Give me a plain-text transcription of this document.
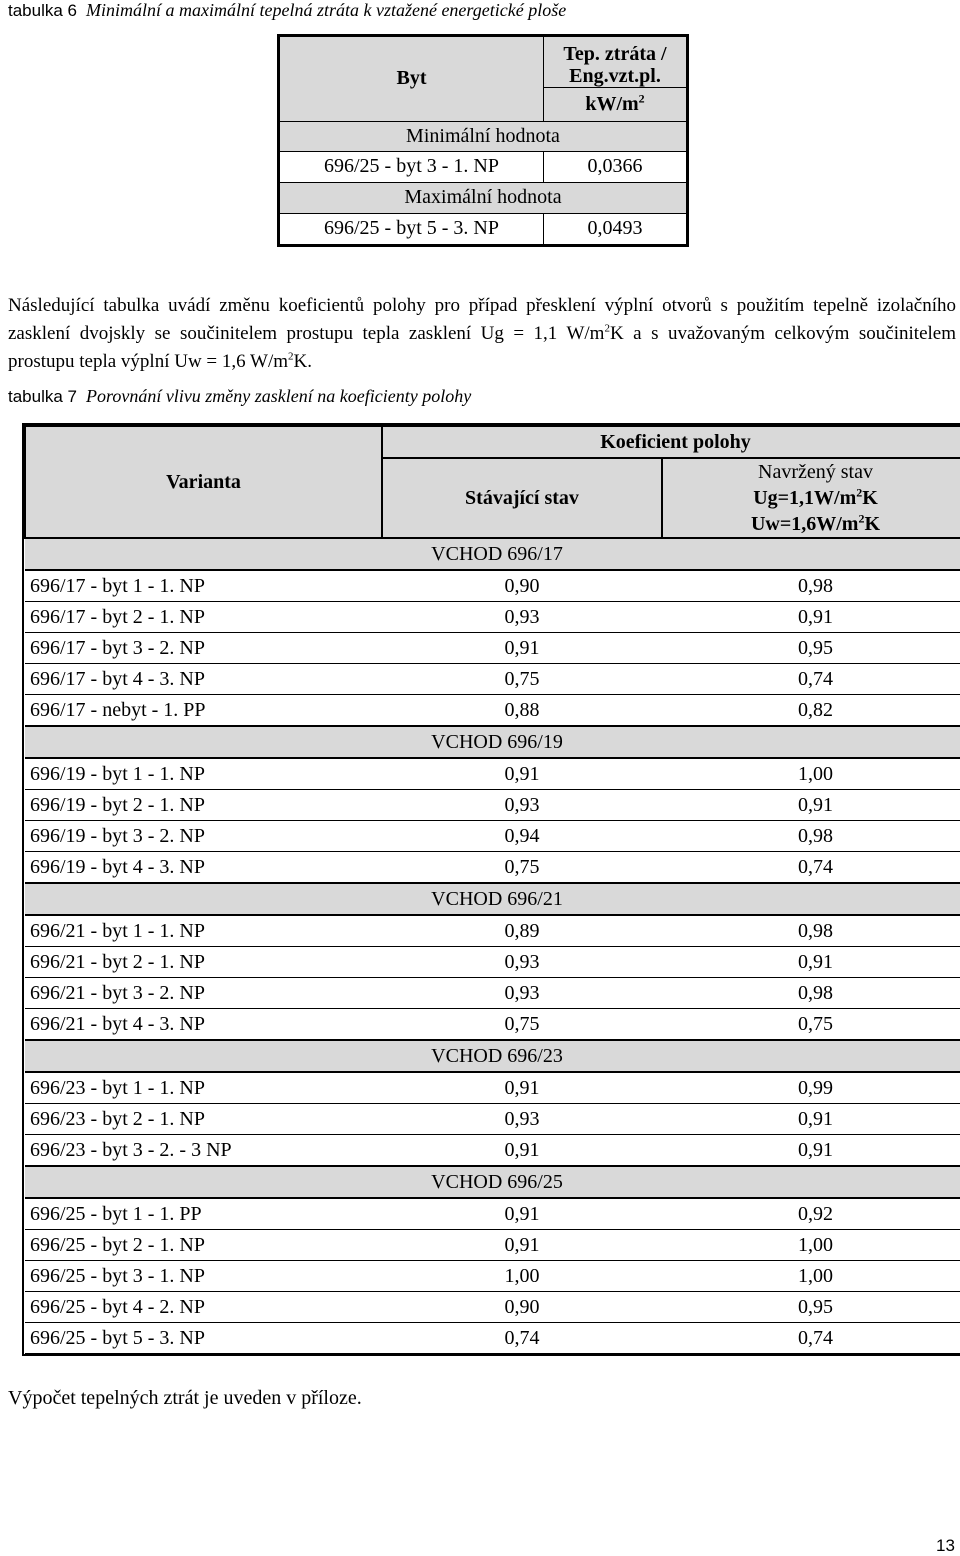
tabulka 6 Minimální a maximální tepelná ztráta k vztažené energetické ploše
Byt	Tep. ztráta /
Eng.vzt.pl.

	$kW/m^2$
Minimální hodnota	
696/25 - byt 3 - 1. NP	0,0366
Maximální hodnota	
696/25 - byt 5 - 3. NP	0,0493
Následující tabulka uvádí změnu koeficientů polohy pro případ přesklení výplní otvorů s použitím tepelně izolačního zasklení dvojskly se součinitelem prostupu tepla zasklení Ug = 1,1 $W/m^2K$ a s uvažovaným celkovým součinitelem prostupu tepla výplní Uw = 1,6 $W/m^2K$.
tabulka 7 Porovnání vlivu změny zasklení na koeficienty polohy
Varianta	Koeficient polohy	
	Stávající stav	Navržený stav
$Ug=1,1W/m^2K$
$Uw=1,6W/m^2K$
VCHOD 696/17		
696/17 - byt 1 - 1. NP	0,90	0,98
696/17 - byt 2 - 1. NP	0,93	0,91
696/17 - byt 3 - 2. NP	0,91	0,95
696/17 - byt 4 - 3. NP	0,75	0,74
696/17 - nebyt - 1. PP	0,88	0,82
VCHOD 696/19		
696/19 - byt 1 - 1. NP	0,91	1,00
696/19 - byt 2 - 1. NP	0,93	0,91
696/19 - byt 3 - 2. NP	0,94	0,98
696/19 - byt 4 - 3. NP	0,75	0,74
VCHOD 696/21		
696/21 - byt 1 - 1. NP	0,89	0,98
696/21 - byt 2 - 1. NP	0,93	0,91
696/21 - byt 3 - 2. NP	0,93	0,98
696/21 - byt 4 - 3. NP	0,75	0,75
VCHOD 696/23		
696/23 - byt 1 - 1. NP	0,91	0,99
696/23 - byt 2 - 1. NP	0,93	0,91
696/23 - byt 3 - 2. - 3 NP	0,91	0,91
VCHOD 696/25		
696/25 - byt 1 - 1. PP	0,91	0,92
696/25 - byt 2 - 1. NP	0,91	1,00
696/25 - byt 3 - 1. NP	1,00	1,00
696/25 - byt 4 - 2. NP	0,90	0,95
696/25 - byt 5 - 3. NP	0,74	0,74
Výpočet tepelných ztrát je uveden v příloze.
13
